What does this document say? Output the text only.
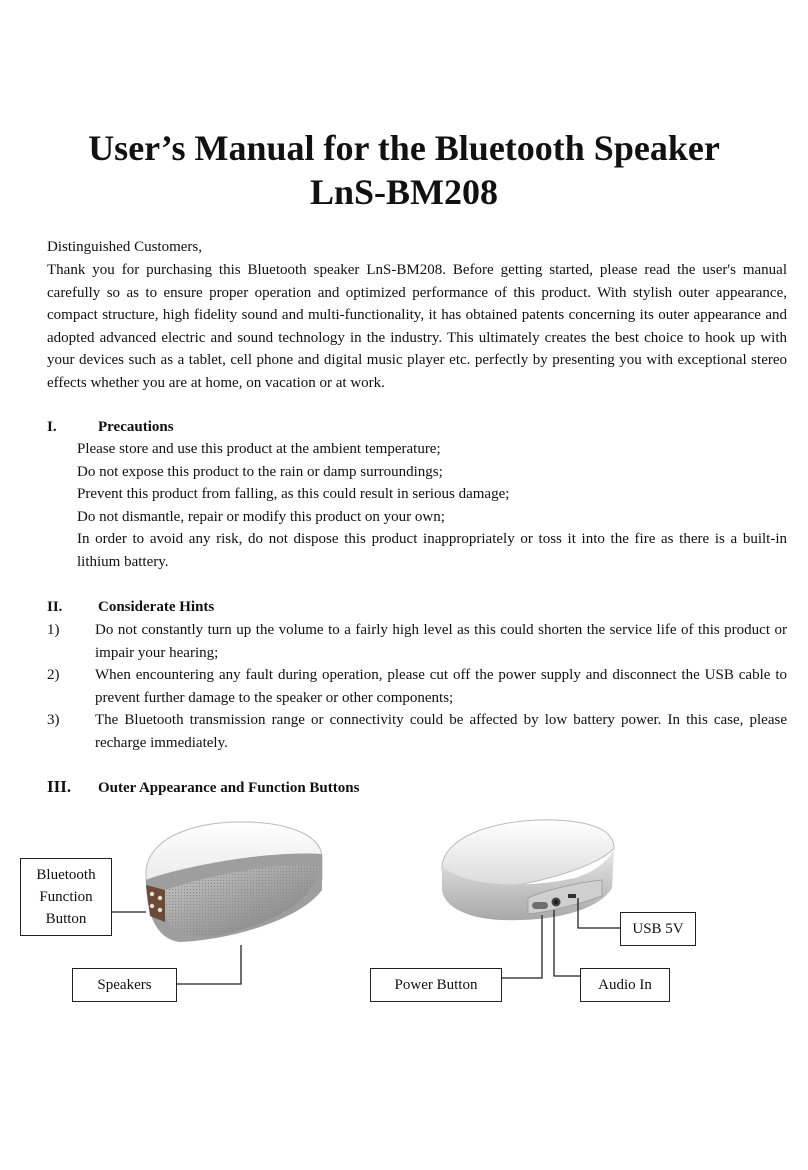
User’s Manual for the Bluetooth Speaker
LnS-BM208

Distinguished Customers,

Thank you for purchasing this Bluetooth speaker LnS-BM208. Before getting started, please read the user's manual carefully so as to ensure proper operation and optimized performance of this product. With stylish outer appearance, compact structure, high fidelity sound and multi-functionality, it has obtained patents concerning its outer appearance and adopted advanced electric and sound technology in the industry. This ultimately creates the best choice to hook up with your devices such as a tablet, cell phone and digital music player etc. perfectly by presenting you with exceptional stereo effects whether you are at home, on vacation or at work.

I.	Precautions
Please store and use this product at the ambient temperature;
Do not expose this product to the rain or damp surroundings;
Prevent this product from falling, as this could result in serious damage;
Do not dismantle, repair or modify this product on your own;
In order to avoid any risk, do not dispose this product inappropriately or toss it into the fire as there is a built-in lithium battery.
II. Considerate Hints
1) Do not constantly turn up the volume to a fairly high level as this could shorten the service life of this product or impair your hearing;
2) When encountering any fault during operation, please cut off the power supply and disconnect the USB cable to prevent further damage to the speaker or other components;
3) The Bluetooth transmission range or connectivity could be affected by low battery power. In this case, please recharge immediately.
III. Outer Appearance and Function Buttons
Bluetooth
Function
Button
Speakers
USB 5V
Power Button	Audio In
